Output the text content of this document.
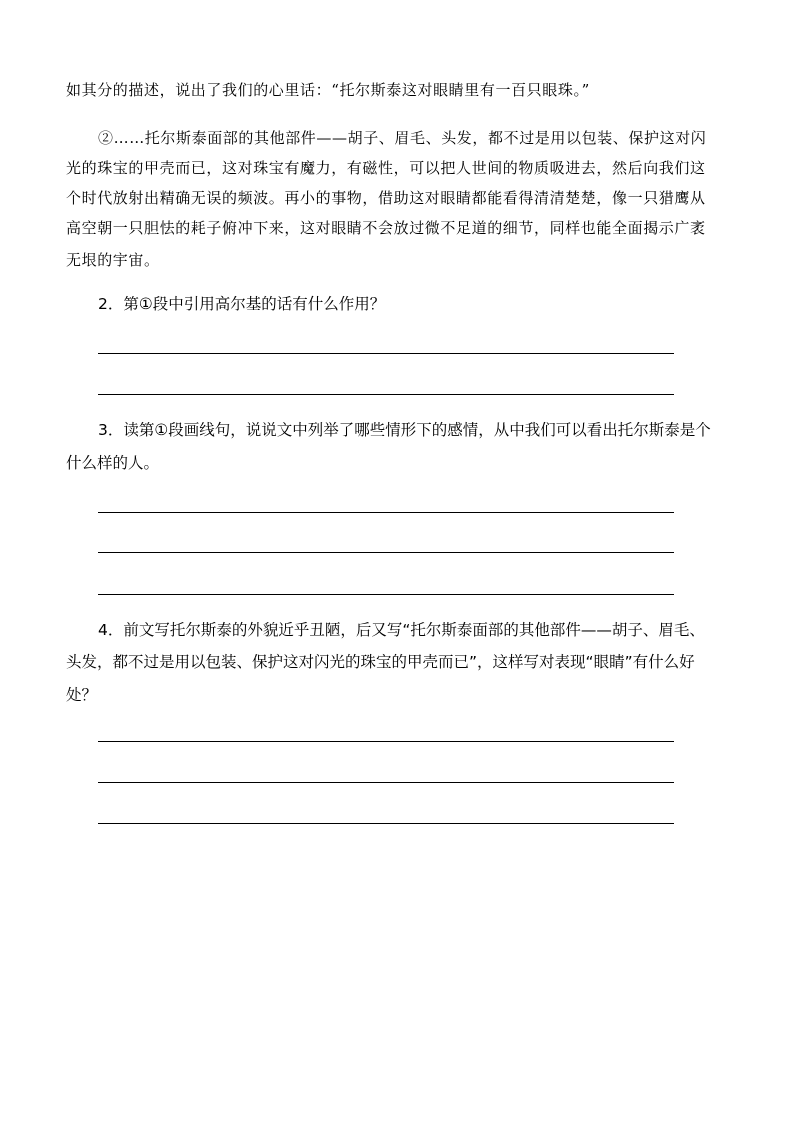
如其分的描述，说出了我们的心里话：“托尔斯泰这对眼睛里有一百只眼珠。”
②……托尔斯泰面部的其他部件——胡子、眉毛、头发，都不过是用以包装、保护这对闪
光的珠宝的甲壳而已，这对珠宝有魔力，有磁性，可以把人世间的物质吸进去，然后向我们这
个时代放射出精确无误的频波。再小的事物，借助这对眼睛都能看得清清楚楚，像一只猎鹰从
高空朝一只胆怯的耗子俯冲下来，这对眼睛不会放过微不足道的细节，同样也能全面揭示广袤
无垠的宇宙。
2．第①段中引用高尔基的话有什么作用？
3．读第①段画线句，说说文中列举了哪些情形下的感情，从中我们可以看出托尔斯泰是个
什么样的人。
4．前文写托尔斯泰的外貌近乎丑陋，后又写“托尔斯泰面部的其他部件——胡子、眉毛、
头发，都不过是用以包装、保护这对闪光的珠宝的甲壳而已”，这样写对表现“眼睛”有什么好
处？
